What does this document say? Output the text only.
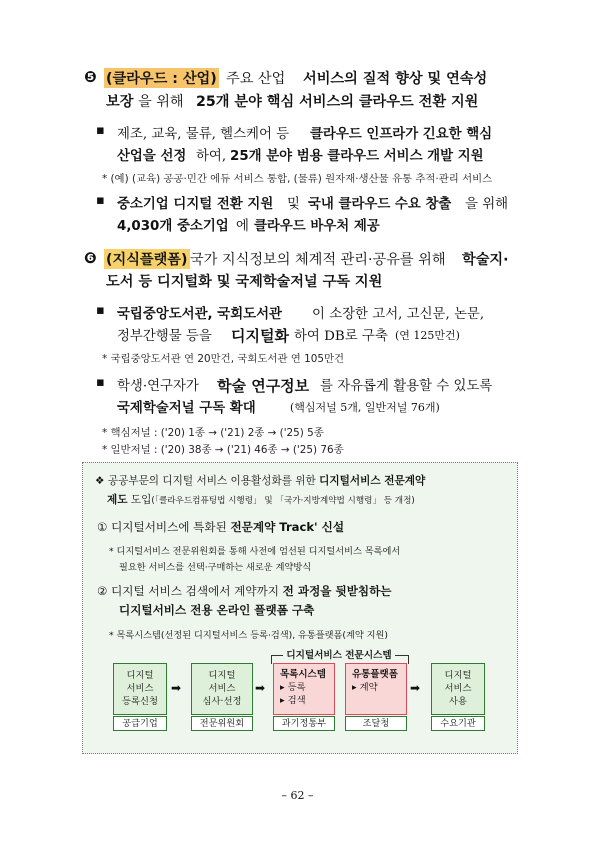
❺ (클라우드 : 산업) 주요 산업 서비스의 질적 향상 및 연속성
보장 을 위해 25개 분야 핵심 서비스의 클라우드 전환 지원
▪ 제조, 교육, 물류, 헬스케어 등 클라우드 인프라가 긴요한 핵심
산업을 선정 하여, 25개 분야 범용 클라우드 서비스 개발 지원
* (예) (교육) 공공·민간 에듀 서비스 통합, (물류) 원자재·생산물 유통 추적·관리 서비스
▪ 중소기업 디지털 전환 지원 및 국내 클라우드 수요 창출 을 위해
4,030개 중소기업 에 클라우드 바우처 제공
❻ (지식플랫폼) 국가 지식정보의 체계적 관리·공유를 위해 학술지·
도서 등 디지털화 및 국제학술저널 구독 지원
▪ 국립중앙도서관, 국회도서관 이 소장한 고서, 고신문, 논문,
정부간행물 등을 디지털화 하여 DB로 구축 (연 125만건)
* 국립중앙도서관 연 20만건, 국회도서관 연 105만건
▪ 학생·연구자가 학술 연구정보 를 자유롭게 활용할 수 있도록
국제학술저널 구독 확대	(핵심저널 5개, 일반저널 76개)
* 핵심저널 : ('20) 1종 → ('21) 2종 → ('25) 5종
* 일반저널 : ('20) 38종 → ('21) 46종 → ('25) 76종
❖ 공공부문의 디지털 서비스 이용활성화를 위한 디지털서비스 전문계약
제도 도입(「클라우드컴퓨팅법 시행령」 및 「국가·지방계약법 시행령」 등 개정)
① 디지털서비스에 특화된 전문계약 Track' 신설
* 디지털서비스 전문위원회를 통해 사전에 엄선된 디지털서비스 목록에서
필요한 서비스를 선택·구매하는 새로운 계약방식
② 디지털 서비스 검색에서 계약까지 전 과정을 뒷받침하는
디지털서비스 전용 온라인 플랫폼 구축
* 목록시스템(선정된 디지털서비스 등록·검색), 유통플랫폼(계약 지원)
디지털서비스 전문시스템
디지털
서비스
등록신청
공급기업
➡
디지털
서비스
심사·선정
전문위원회
➡
목록시스템
▸ 등록
▸ 검색
과기정통부
유통플랫폼
▸ 계약
조달청
➡
디지털
서비스
사용
수요기관
– 62 –
